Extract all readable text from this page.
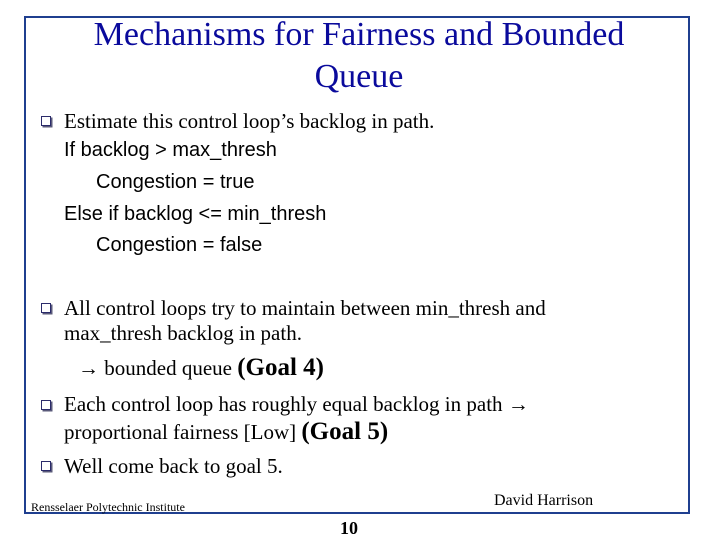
Mechanisms for Fairness and Bounded
Queue
Estimate this control loop’s backlog in path.
If backlog > max_thresh
Congestion = true
Else if backlog <= min_thresh
Congestion = false
All control loops try to maintain between min_thresh and
max_thresh backlog in path.
→ bounded queue (Goal 4)
Each control loop has roughly equal backlog in path →
proportional fairness [Low] (Goal 5)
Well come back to goal 5.
Rensselaer Polytechnic Institute	David Harrison
10
